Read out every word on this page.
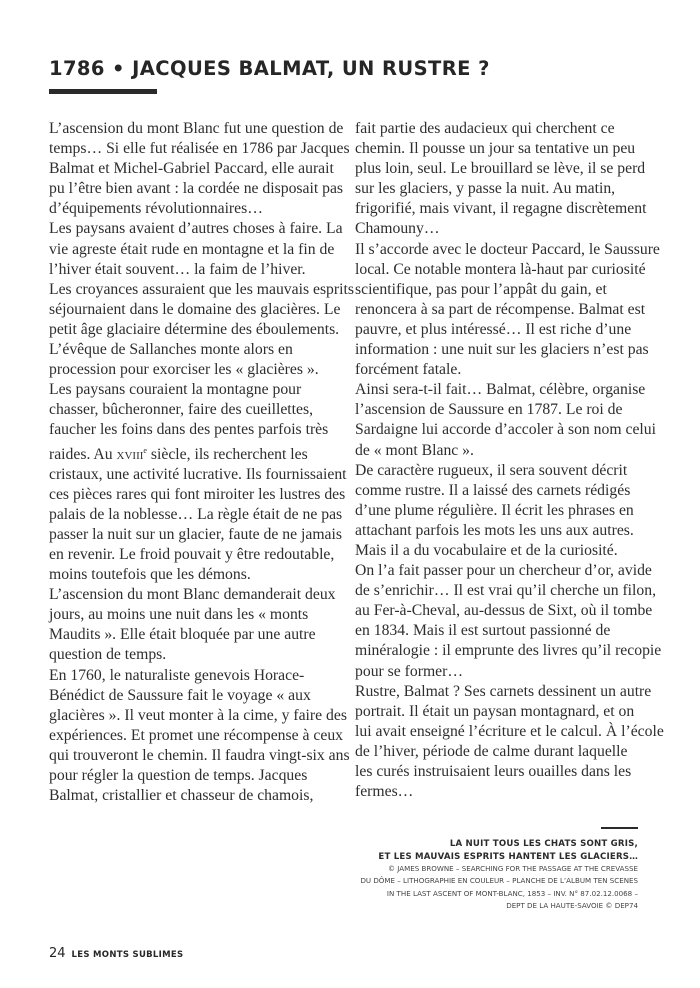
1786 • JACQUES BALMAT, UN RUSTRE ?

L’ascension du mont Blanc fut une question de

temps… Si elle fut réalisée en 1786 par Jacques

Balmat et Michel-Gabriel Paccard, elle aurait

pu l’être bien avant : la cordée ne disposait pas

d’équipements révolutionnaires…

Les paysans avaient d’autres choses à faire. La

vie agreste était rude en montagne et la fin de

l’hiver était souvent… la faim de l’hiver.

Les croyances assuraient que les mauvais esprits

séjournaient dans le domaine des glacières. Le

petit âge glaciaire détermine des éboulements.

L’évêque de Sallanches monte alors en

procession pour exorciser les « glacières ».

Les paysans couraient la montagne pour

chasser, bûcheronner, faire des cueillettes,

faucher les foins dans des pentes parfois très

raides. Au xviii$^e$ siècle, ils recherchent les

cristaux, une activité lucrative. Ils fournissaient

ces pièces rares qui font miroiter les lustres des

palais de la noblesse… La règle était de ne pas

passer la nuit sur un glacier, faute de ne jamais

en revenir. Le froid pouvait y être redoutable,

moins toutefois que les démons.

L’ascension du mont Blanc demanderait deux

jours, au moins une nuit dans les « monts

Maudits ». Elle était bloquée par une autre

question de temps.

En 1760, le naturaliste genevois Horace-

Bénédict de Saussure fait le voyage « aux

glacières ». Il veut monter à la cime, y faire des

expériences. Et promet une récompense à ceux

qui trouveront le chemin. Il faudra vingt-six ans

pour régler la question de temps. Jacques

Balmat, cristallier et chasseur de chamois,

fait partie des audacieux qui cherchent ce

chemin. Il pousse un jour sa tentative un peu

plus loin, seul. Le brouillard se lève, il se perd

sur les glaciers, y passe la nuit. Au matin,

frigorifié, mais vivant, il regagne discrètement

Chamouny…

Il s’accorde avec le docteur Paccard, le Saussure

local. Ce notable montera là-haut par curiosité

scientifique, pas pour l’appât du gain, et

renoncera à sa part de récompense. Balmat est

pauvre, et plus intéressé… Il est riche d’une

information : une nuit sur les glaciers n’est pas

forcément fatale.

Ainsi sera-t-il fait… Balmat, célèbre, organise

l’ascension de Saussure en 1787. Le roi de

Sardaigne lui accorde d’accoler à son nom celui

de « mont Blanc ».

De caractère rugueux, il sera souvent décrit

comme rustre. Il a laissé des carnets rédigés

d’une plume régulière. Il écrit les phrases en

attachant parfois les mots les uns aux autres.

Mais il a du vocabulaire et de la curiosité.

On l’a fait passer pour un chercheur d’or, avide

de s’enrichir… Il est vrai qu’il cherche un filon,

au Fer-à-Cheval, au-dessus de Sixt, où il tombe

en 1834. Mais il est surtout passionné de

minéralogie : il emprunte des livres qu’il recopie

pour se former…

Rustre, Balmat ? Ses carnets dessinent un autre

portrait. Il était un paysan montagnard, et on

lui avait enseigné l’écriture et le calcul. À l’école

de l’hiver, période de calme durant laquelle

les curés instruisaient leurs ouailles dans les

fermes…

LA NUIT TOUS LES CHATS SONT GRIS,
ET LES MAUVAIS ESPRITS HANTENT LES GLACIERS…
© JAMES BROWNE – SEARCHING FOR THE PASSAGE AT THE CREVASSE
DU DÔME – LITHOGRAPHIE EN COULEUR – PLANCHE DE L’ALBUM TEN SCENES
IN THE LAST ASCENT OF MONT-BLANC, 1853 – INV. N° 87.02.12.0068 –
DEPT DE LA HAUTE-SAVOIE © DEP74
24 LES MONTS SUBLIMES
